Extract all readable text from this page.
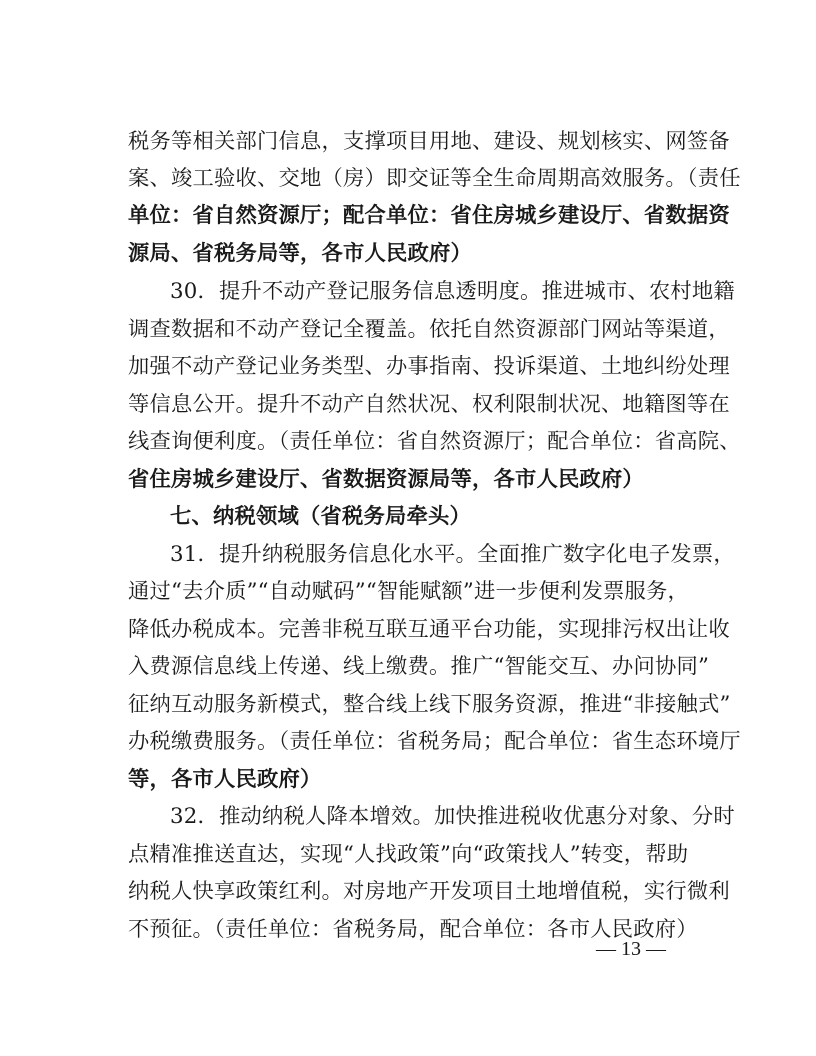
税务等相关部门信息，支撑项目用地、建设、规划核实、网签备
案、竣工验收、交地（房）即交证等全生命周期高效服务。（责任
单位：省自然资源厅；配合单位：省住房城乡建设厅、省数据资
源局、省税务局等，各市人民政府）
30．提升不动产登记服务信息透明度。推进城市、农村地籍
调查数据和不动产登记全覆盖。依托自然资源部门网站等渠道，
加强不动产登记业务类型、办事指南、投诉渠道、土地纠纷处理
等信息公开。提升不动产自然状况、权利限制状况、地籍图等在
线查询便利度。（责任单位：省自然资源厅；配合单位：省高院、
省住房城乡建设厅、省数据资源局等，各市人民政府）
七、纳税领域（省税务局牵头）
31．提升纳税服务信息化水平。全面推广数字化电子发票，
通过“去介质”“自动赋码”“智能赋额”进一步便利发票服务，
降低办税成本。完善非税互联互通平台功能，实现排污权出让收
入费源信息线上传递、线上缴费。推广“智能交互、办问协同”
征纳互动服务新模式，整合线上线下服务资源，推进“非接触式”
办税缴费服务。（责任单位：省税务局；配合单位：省生态环境厅
等，各市人民政府）
32．推动纳税人降本增效。加快推进税收优惠分对象、分时
点精准推送直达，实现“人找政策”向“政策找人”转变，帮助
纳税人快享政策红利。对房地产开发项目土地增值税，实行微利
不预征。（责任单位：省税务局，配合单位：各市人民政府）
— 13 —
